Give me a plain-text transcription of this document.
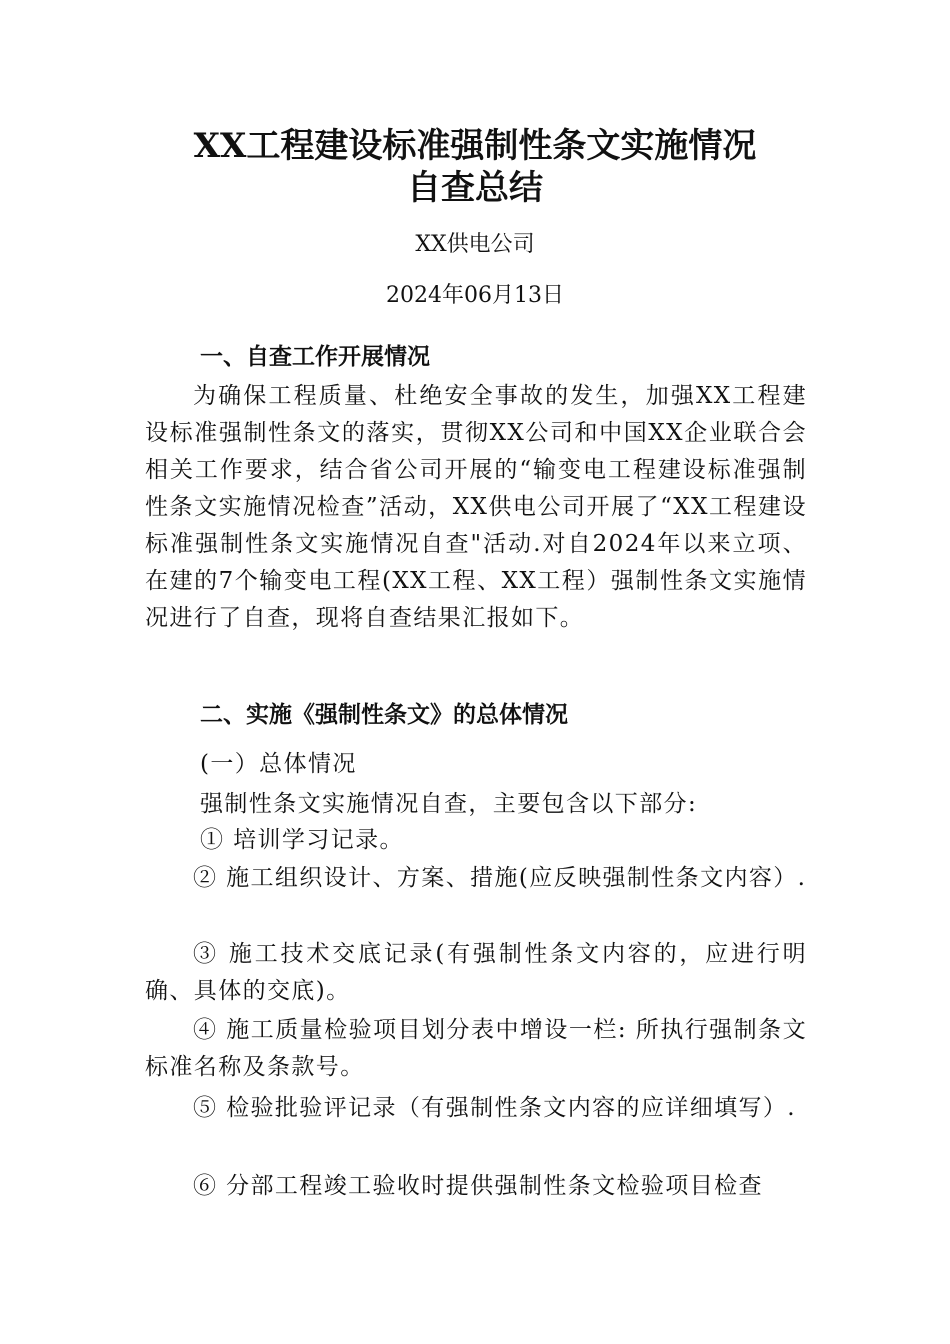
XX工程建设标准强制性条文实施情况
自查总结

XX供电公司

2024年06月13日

一、自查工作开展情况

为确保工程质量、杜绝安全事故的发生，加强XX工程建设标准强制性条文的落实，贯彻XX公司和中国XX企业联合会相关工作要求，结合省公司开展的“输变电工程建设标准强制性条文实施情况检查”活动，XX供电公司开展了“XX工程建设标准强制性条文实施情况自查"活动.对自2024年以来立项、在建的7个输变电工程(XX工程、XX工程）强制性条文实施情况进行了自查，现将自查结果汇报如下。

二、实施《强制性条文》的总体情况

(一）总体情况

强制性条文实施情况自查，主要包含以下部分:

① 培训学习记录。

② 施工组织设计、方案、措施(应反映强制性条文内容）.

③ 施工技术交底记录(有强制性条文内容的，应进行明确、具体的交底)。

④ 施工质量检验项目划分表中增设一栏: 所执行强制条文标准名称及条款号。

⑤ 检验批验评记录（有强制性条文内容的应详细填写）.

⑥ 分部工程竣工验收时提供强制性条文检验项目检查
